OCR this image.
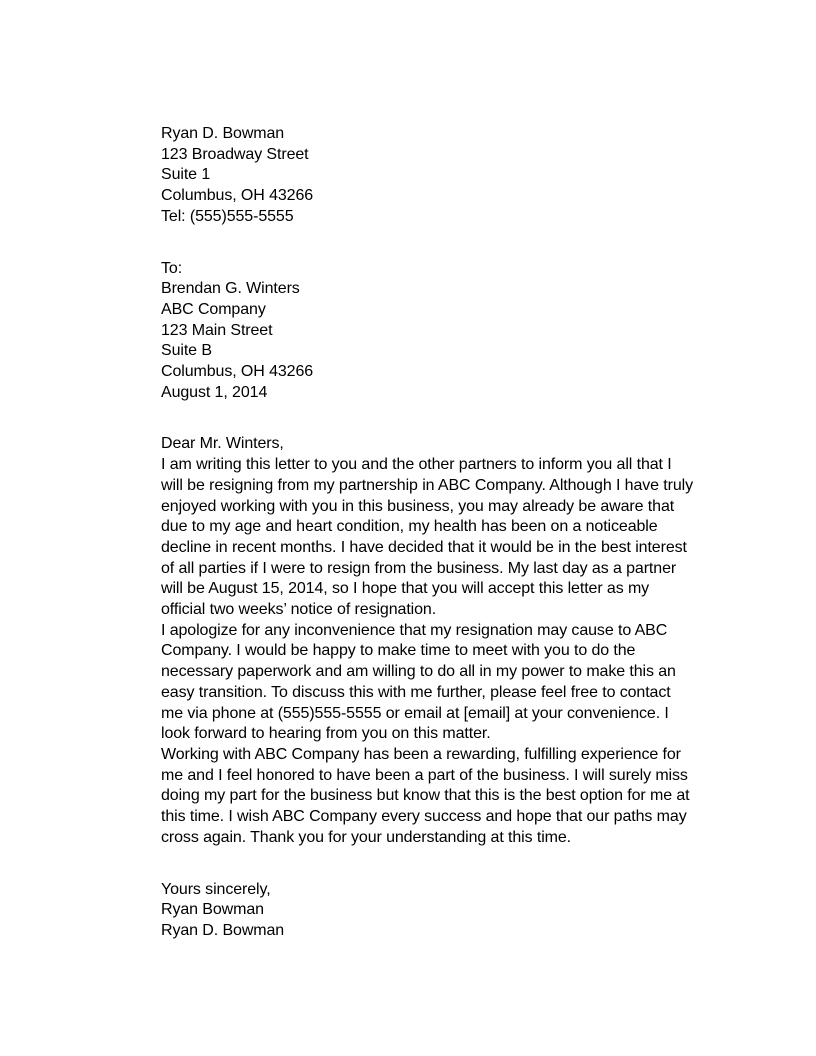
Ryan D. Bowman
123 Broadway Street
Suite 1
Columbus, OH 43266
Tel: (555)555-5555
To:
Brendan G. Winters
ABC Company
123 Main Street
Suite B
Columbus, OH 43266
August 1, 2014
Dear Mr. Winters,
I am writing this letter to you and the other partners to inform you all that I
will be resigning from my partnership in ABC Company. Although I have truly
enjoyed working with you in this business, you may already be aware that
due to my age and heart condition, my health has been on a noticeable
decline in recent months. I have decided that it would be in the best interest
of all parties if I were to resign from the business. My last day as a partner
will be August 15, 2014, so I hope that you will accept this letter as my
official two weeks’ notice of resignation.
I apologize for any inconvenience that my resignation may cause to ABC
Company. I would be happy to make time to meet with you to do the
necessary paperwork and am willing to do all in my power to make this an
easy transition. To discuss this with me further, please feel free to contact
me via phone at (555)555-5555 or email at [email] at your convenience. I
look forward to hearing from you on this matter.
Working with ABC Company has been a rewarding, fulfilling experience for
me and I feel honored to have been a part of the business. I will surely miss
doing my part for the business but know that this is the best option for me at
this time. I wish ABC Company every success and hope that our paths may
cross again. Thank you for your understanding at this time.
Yours sincerely,
Ryan Bowman
Ryan D. Bowman
